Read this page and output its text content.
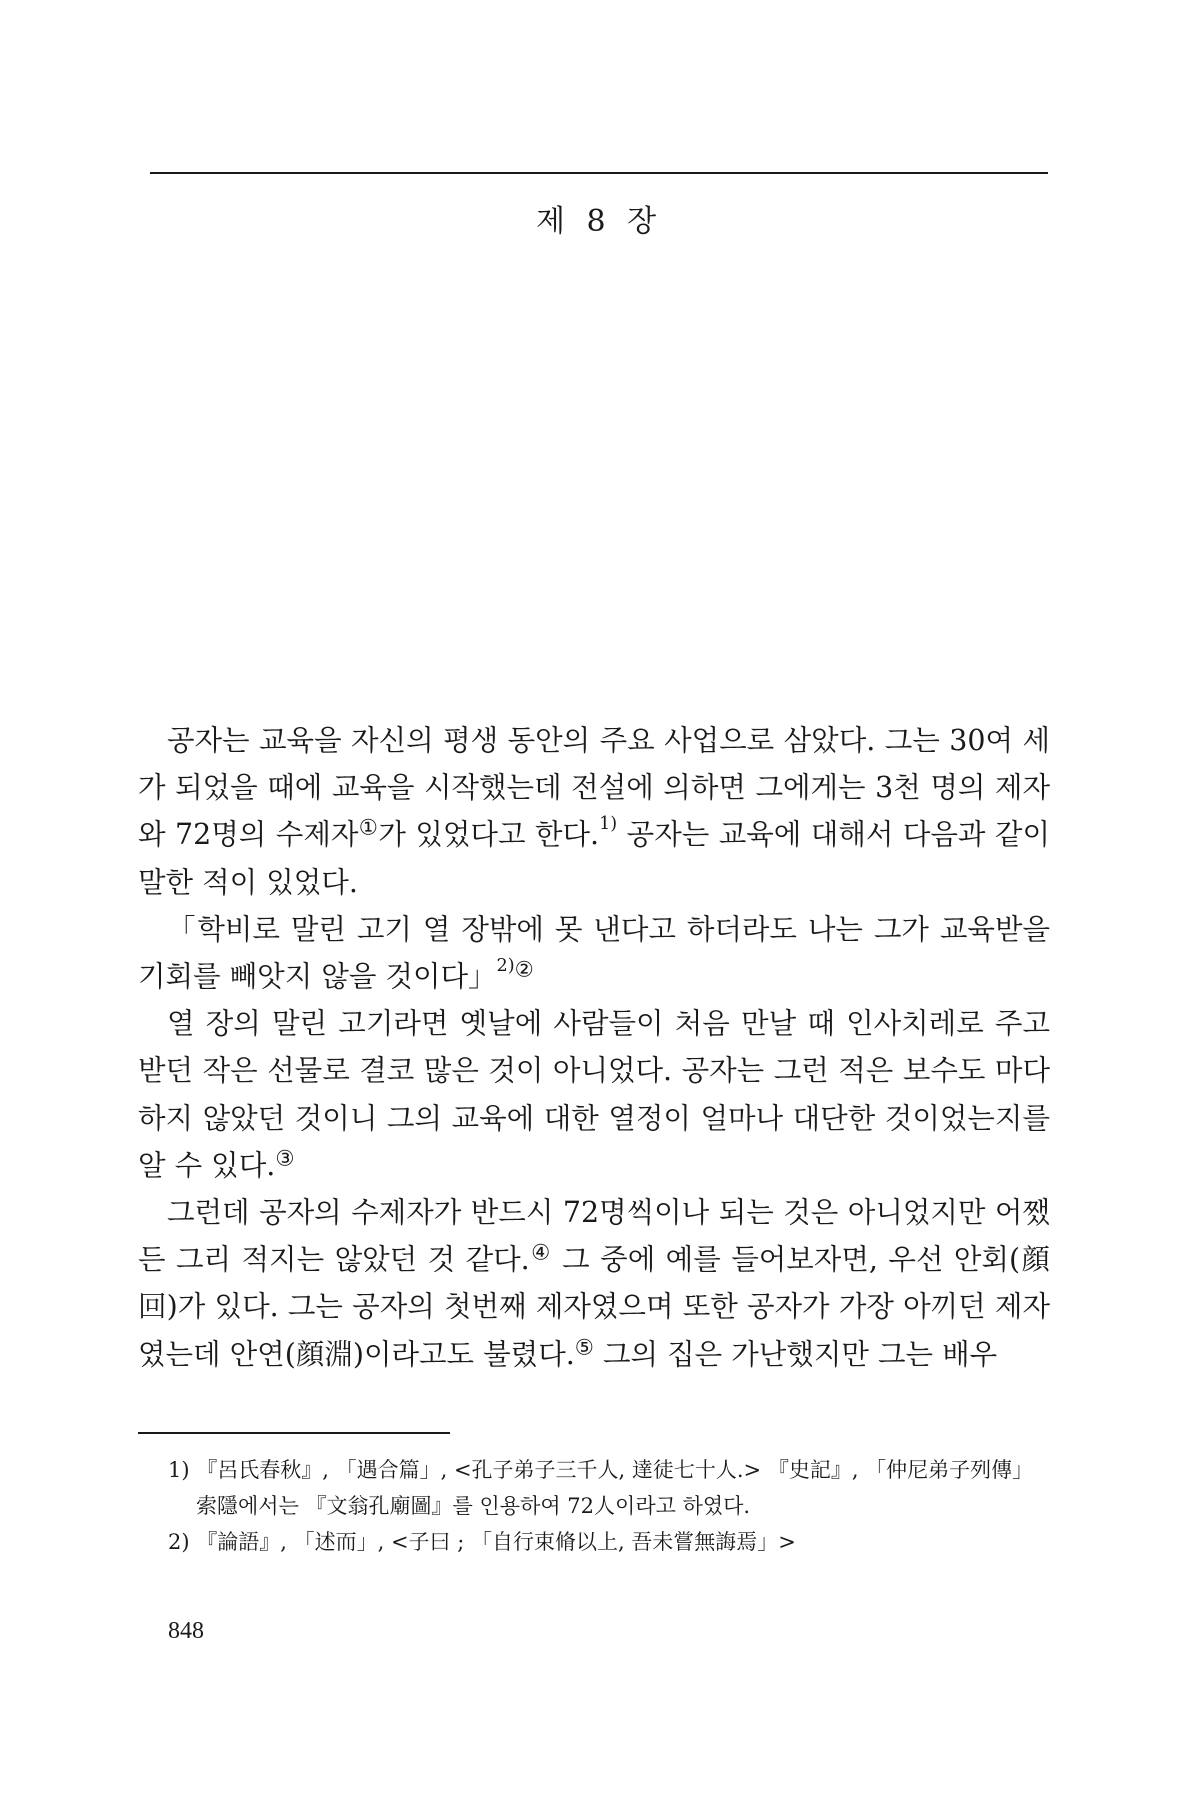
제 8 장

공자는 교육을 자신의 평생 동안의 주요 사업으로 삼았다. 그는 30여 세가 되었을 때에 교육을 시작했는데 전설에 의하면 그에게는 3천 명의 제자와 72명의 수제자①가 있었다고 한다.$^{1)}$ 공자는 교육에 대해서 다음과 같이 말한 적이 있었다.

「학비로 말린 고기 열 장밖에 못 낸다고 하더라도 나는 그가 교육받을 기회를 빼앗지 않을 것이다」$^{2)②}$

열 장의 말린 고기라면 옛날에 사람들이 처음 만날 때 인사치레로 주고받던 작은 선물로 결코 많은 것이 아니었다. 공자는 그런 적은 보수도 마다하지 않았던 것이니 그의 교육에 대한 열정이 얼마나 대단한 것이었는지를 알 수 있다.③

그런데 공자의 수제자가 반드시 72명씩이나 되는 것은 아니었지만 어쨌든 그리 적지는 않았던 것 같다.④ 그 중에 예를 들어보자면, 우선 안회(顔回)가 있다. 그는 공자의 첫번째 제자였으며 또한 공자가 가장 아끼던 제자였는데 안연(顔淵)이라고도 불렸다.⑤ 그의 집은 가난했지만 그는 배우

1) 『呂氏春秋』, 「遇合篇」, <孔子弟子三千人, 達徒七十人.> 『史記』, 「仲尼弟子列傳」 索隱에서는 『文翁孔廟圖』를 인용하여 72人이라고 하였다.
2) 『論語』, 「述而」, <子曰 ; 「自行束脩以上, 吾未嘗無誨焉」>
848
